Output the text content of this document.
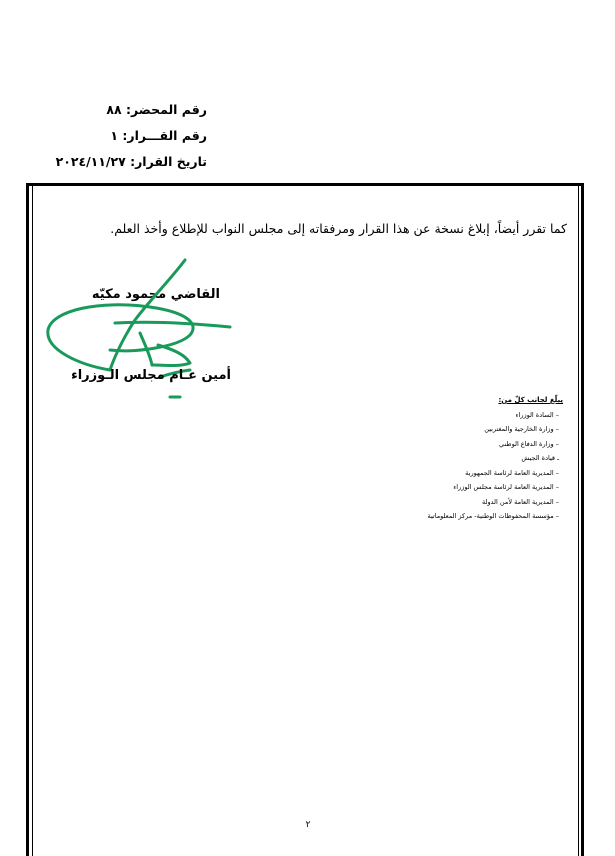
رقم المحضر: ٨٨
رقم القـــرار: ١
تاريخ القرار: ٢٠٢٤/١١/٢٧
كما تقرر أيضاً، إبلاغ نسخة عن هذا القرار ومرفقاته إلى مجلس النواب للإطلاع وأخذ العلم.
القاضي محمود مكيّه
أمين عـام مجلس الـوزراء
يبلّغ لجانب كلّ من:
– السادة الوزراء
– وزارة الخارجية والمغتربين
– وزارة الدفاع الوطني
ـ قيادة الجيش
– المديرية العامة لرئاسة الجمهورية
– المديرية العامة لرئاسة مجلس الوزراء
– المديرية العامة لأمن الدولة
– مؤسسة المحفوظات الوطنية- مركز المعلوماتية
٢
